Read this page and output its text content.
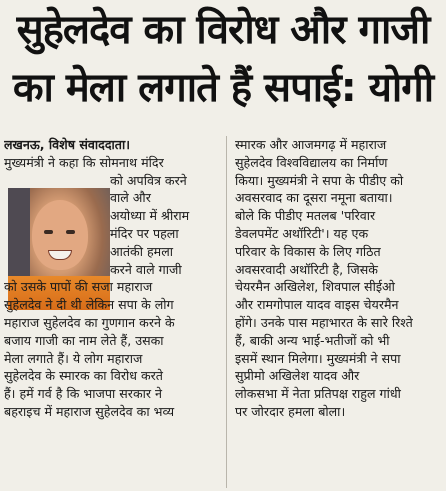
सुहेलदेव का विरोध और गाजी
का मेला लगाते हैं सपाई: योगी
लखनऊ, विशेष संवाददाता।
मुख्यमंत्री ने कहा कि सोमनाथ मंदिर
को अपवित्र करने
वाले और
अयोध्या में श्रीराम
मंदिर पर पहला
आतंकी हमला
करने वाले गाजी
को उसके पापों की सजा महाराज
सुहेलदेव ने दी थी लेकिन सपा के लोग
महाराज सुहेलदेव का गुणगान करने के
बजाय गाजी का नाम लेते हैं, उसका
मेला लगाते हैं। ये लोग महाराज
सुहेलदेव के स्मारक का विरोध करते
हैं। हमें गर्व है कि भाजपा सरकार ने
बहराइच में महाराज सुहेलदेव का भव्य
स्मारक और आजमगढ़ में महाराज
सुहेलदेव विश्वविद्यालय का निर्माण
किया। मुख्यमंत्री ने सपा के पीडीए को
अवसरवाद का दूसरा नमूना बताया।
बोले कि पीडीए मतलब 'परिवार
डेवलपमेंट अथॉरिटी'। यह एक
परिवार के विकास के लिए गठित
अवसरवादी अथॉरिटी है, जिसके
चेयरमैन अखिलेश, शिवपाल सीईओ
और रामगोपाल यादव वाइस चेयरमैन
होंगे। उनके पास महाभारत के सारे रिश्ते
हैं, बाकी अन्य भाई-भतीजों को भी
इसमें स्थान मिलेगा। मुख्यमंत्री ने सपा
सुप्रीमो अखिलेश यादव और
लोकसभा में नेता प्रतिपक्ष राहुल गांधी
पर जोरदार हमला बोला।
